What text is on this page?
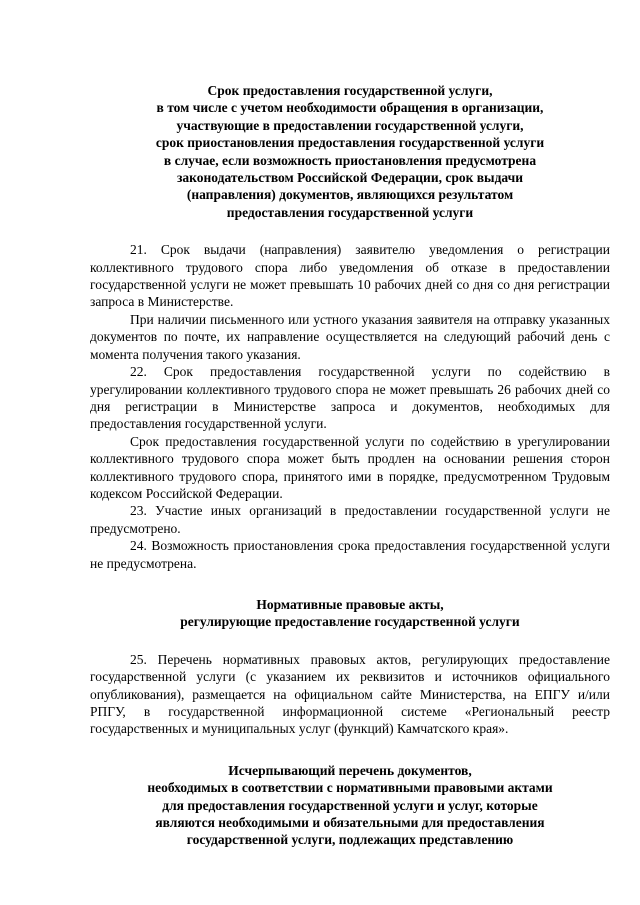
Срок предоставления государственной услуги,
в том числе с учетом необходимости обращения в организации,
участвующие в предоставлении государственной услуги,
срок приостановления предоставления государственной услуги
в случае, если возможность приостановления предусмотрена
законодательством Российской Федерации, срок выдачи
(направления) документов, являющихся результатом
предоставления государственной услуги

21. Срок выдачи (направления) заявителю уведомления о регистрации коллективного трудового спора либо уведомления об отказе в предоставлении государственной услуги не может превышать 10 рабочих дней со дня со дня регистрации запроса в Министерстве.

При наличии письменного или устного указания заявителя на отправку указанных документов по почте, их направление осуществляется на следующий рабочий день с момента получения такого указания.

22. Срок предоставления государственной услуги по содействию в урегулировании коллективного трудового спора не может превышать 26 рабочих дней со дня регистрации в Министерстве запроса и документов, необходимых для предоставления государственной услуги.

Срок предоставления государственной услуги по содействию в урегулировании коллективного трудового спора может быть продлен на основании решения сторон коллективного трудового спора, принятого ими в порядке, предусмотренном Трудовым кодексом Российской Федерации.

23. Участие иных организаций в предоставлении государственной услуги не предусмотрено.

24. Возможность приостановления срока предоставления государственной услуги не предусмотрена.

Нормативные правовые акты,
регулирующие предоставление государственной услуги

25. Перечень нормативных правовых актов, регулирующих предоставление государственной услуги (с указанием их реквизитов и источников официального опубликования), размещается на официальном сайте Министерства, на ЕПГУ и/или РПГУ, в государственной информационной системе «Региональный реестр государственных и муниципальных услуг (функций) Камчатского края».

Исчерпывающий перечень документов,
необходимых в соответствии с нормативными правовыми актами
для предоставления государственной услуги и услуг, которые
являются необходимыми и обязательными для предоставления
государственной услуги, подлежащих представлению
